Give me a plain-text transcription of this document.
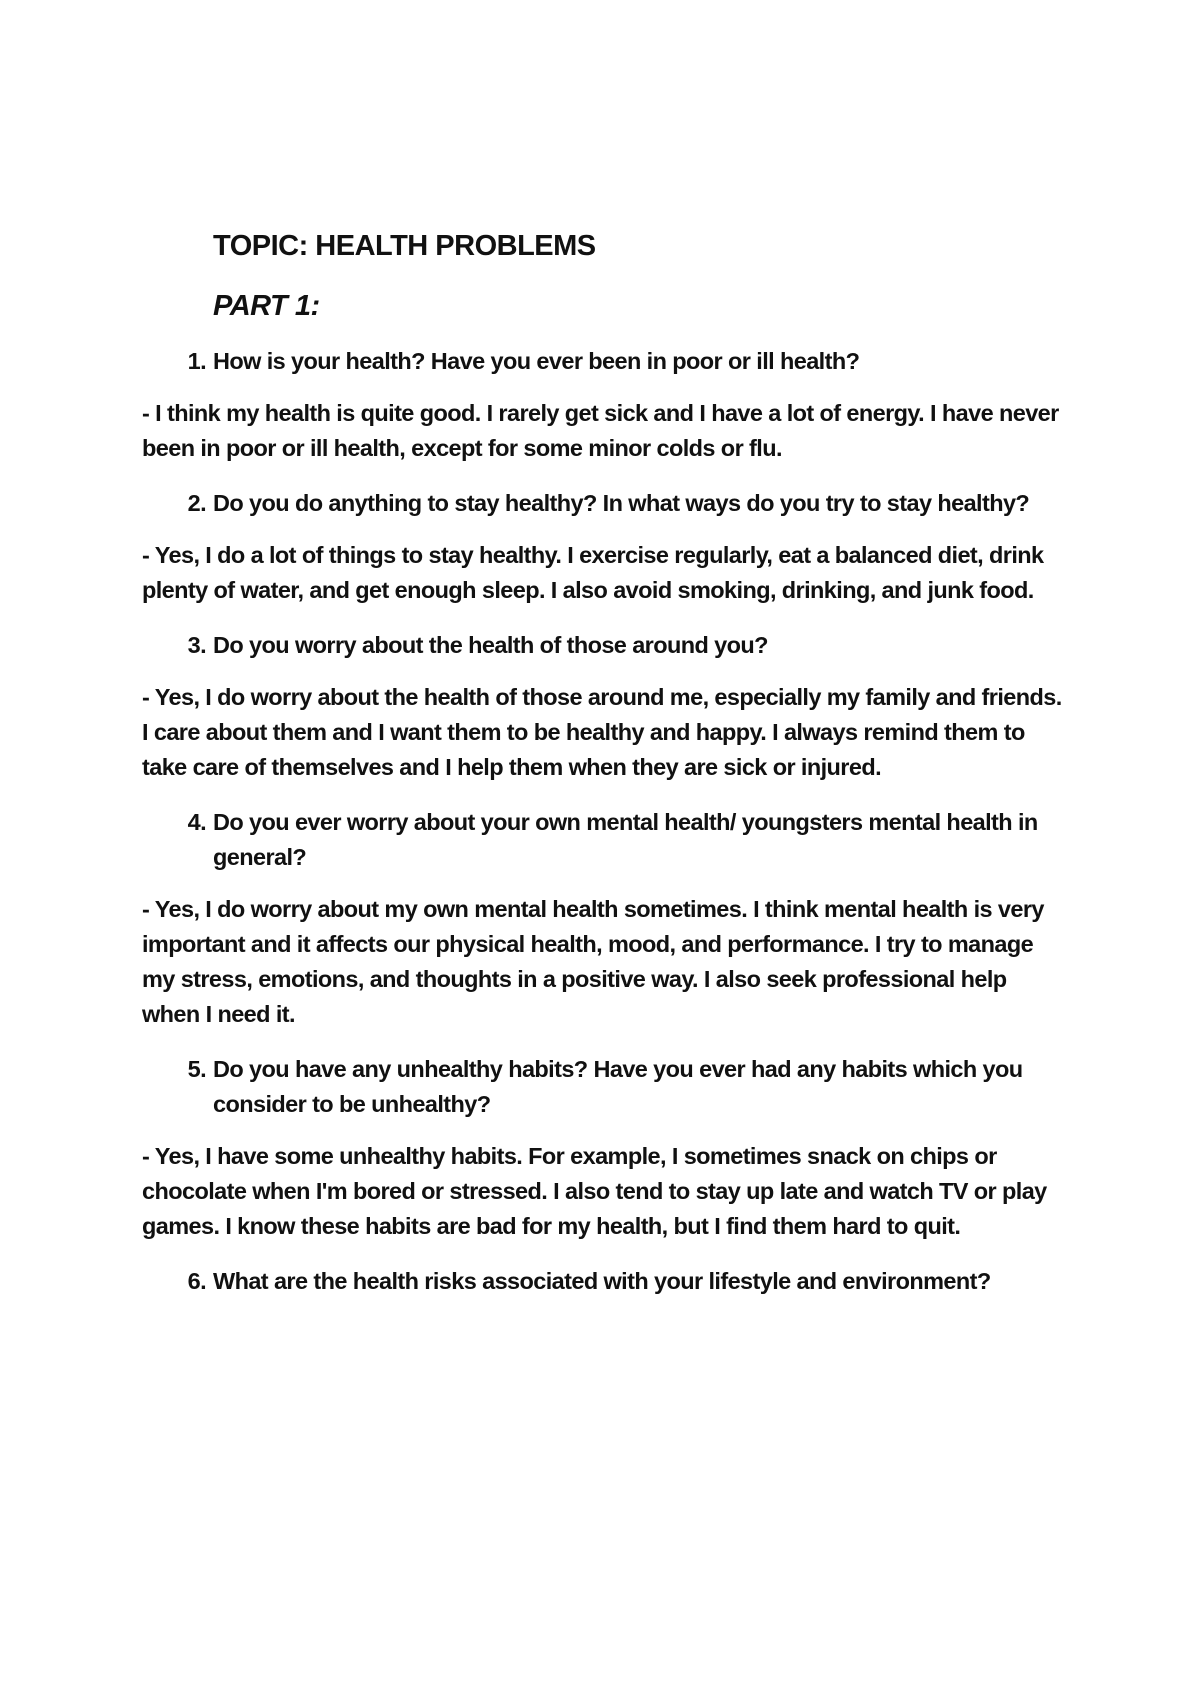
TOPIC: HEALTH PROBLEMS
PART 1:
1. How is your health? Have you ever been in poor or ill health?
- I think my health is quite good. I rarely get sick and I have a lot of energy. I have never been in poor or ill health, except for some minor colds or flu.
2. Do you do anything to stay healthy? In what ways do you try to stay healthy?
- Yes, I do a lot of things to stay healthy. I exercise regularly, eat a balanced diet, drink plenty of water, and get enough sleep. I also avoid smoking, drinking, and junk food.
3. Do you worry about the health of those around you?
- Yes, I do worry about the health of those around me, especially my family and friends. I care about them and I want them to be healthy and happy. I always remind them to take care of themselves and I help them when they are sick or injured.
4. Do you ever worry about your own mental health/ youngsters mental health in general?
- Yes, I do worry about my own mental health sometimes. I think mental health is very important and it affects our physical health, mood, and performance. I try to manage my stress, emotions, and thoughts in a positive way. I also seek professional help when I need it.
5. Do you have any unhealthy habits? Have you ever had any habits which you consider to be unhealthy?
- Yes, I have some unhealthy habits. For example, I sometimes snack on chips or chocolate when I'm bored or stressed. I also tend to stay up late and watch TV or play games. I know these habits are bad for my health, but I find them hard to quit.
6. What are the health risks associated with your lifestyle and environment?
